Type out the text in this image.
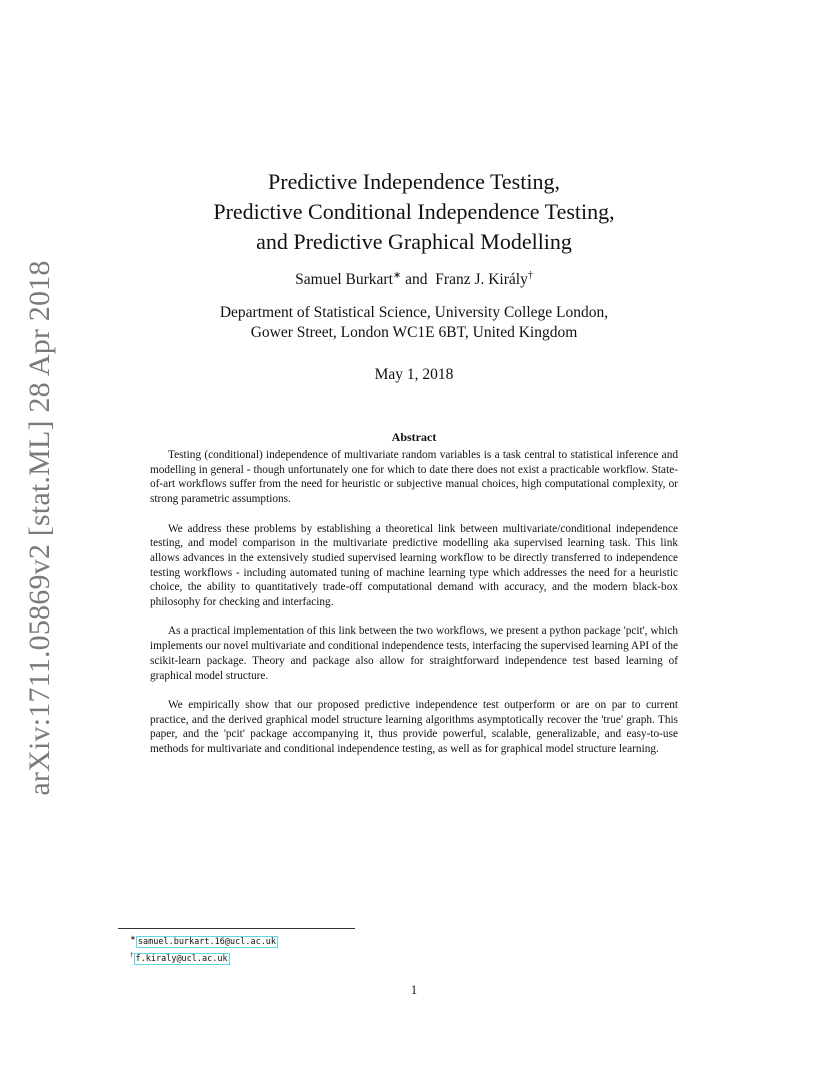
arXiv:1711.05869v2 [stat.ML] 28 Apr 2018
Predictive Independence Testing,
Predictive Conditional Independence Testing,
and Predictive Graphical Modelling
Samuel Burkart∗ and Franz J. Király†
Department of Statistical Science, University College London,
Gower Street, London WC1E 6BT, United Kingdom
May 1, 2018
Abstract

Testing (conditional) independence of multivariate random variables is a task central to statistical inference and modelling in general - though unfortunately one for which to date there does not exist a practicable workflow. State-of-art workflows suffer from the need for heuristic or subjective manual choices, high computational complexity, or strong parametric assumptions.

We address these problems by establishing a theoretical link between multivariate/conditional independence testing, and model comparison in the multivariate predictive modelling aka supervised learning task. This link allows advances in the extensively studied supervised learning workflow to be directly transferred to independence testing workflows - including automated tuning of machine learning type which addresses the need for a heuristic choice, the ability to quantitatively trade-off computational demand with accuracy, and the modern black-box philosophy for checking and interfacing.

As a practical implementation of this link between the two workflows, we present a python package 'pcit', which implements our novel multivariate and conditional independence tests, interfacing the supervised learning API of the scikit-learn package. Theory and package also allow for straightforward independence test based learning of graphical model structure.

We empirically show that our proposed predictive independence test outperform or are on par to current practice, and the derived graphical model structure learning algorithms asymptotically recover the 'true' graph. This paper, and the 'pcit' package accompanying it, thus provide powerful, scalable, generalizable, and easy-to-use methods for multivariate and conditional independence testing, as well as for graphical model structure learning.

∗ samuel.burkart.16@ucl.ac.uk
† f.kiraly@ucl.ac.uk
1
